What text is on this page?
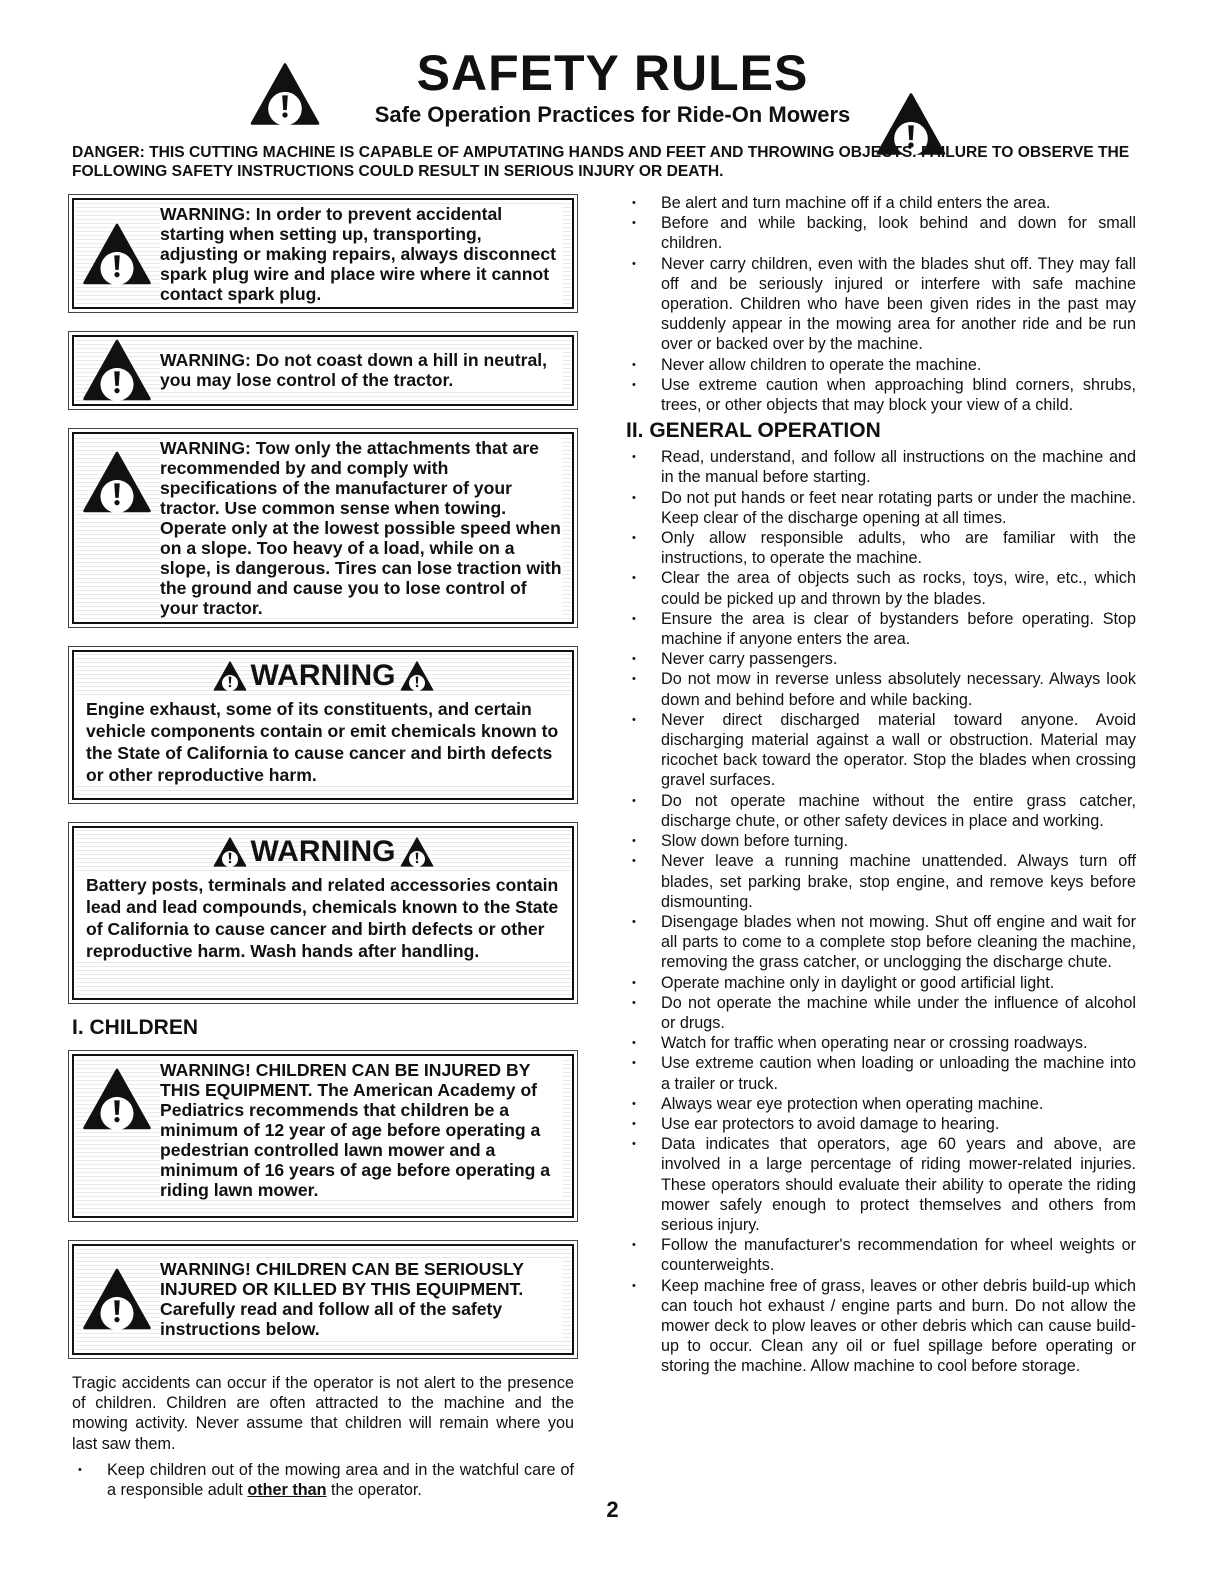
SAFETY RULES
Safe Operation Practices for Ride-On Mowers
DANGER: THIS CUTTING MACHINE IS CAPABLE OF AMPUTATING HANDS AND FEET AND THROWING OBJECTS. FAILURE TO OBSERVE THE FOLLOWING SAFETY INSTRUCTIONS COULD RESULT IN SERIOUS INJURY OR DEATH.
WARNING: In order to prevent accidental starting when setting up, transporting, adjusting or making repairs, always disconnect spark plug wire and place wire where it cannot contact spark plug.
WARNING: Do not coast down a hill in neutral, you may lose control of the tractor.
WARNING: Tow only the attachments that are recommended by and comply with specifications of the manufacturer of your tractor. Use common sense when towing. Operate only at the lowest possible speed when on a slope. Too heavy of a load, while on a slope, is dangerous. Tires can lose traction with the ground and cause you to lose control of your tractor.
WARNING
Engine exhaust, some of its constituents, and certain vehicle components contain or emit chemicals known to the State of California to cause cancer and birth defects or other reproductive harm.
WARNING
Battery posts, terminals and related accessories contain lead and lead compounds, chemicals known to the State of California to cause cancer and birth defects or other reproductive harm. Wash hands after handling.
I. CHILDREN
WARNING! CHILDREN CAN BE INJURED BY THIS EQUIPMENT. The American Academy of Pediatrics recommends that children be a minimum of 12 year of age before operating a pedestrian controlled lawn mower and a minimum of 16 years of age before operating a riding lawn mower.
WARNING! CHILDREN CAN BE SERIOUSLY INJURED OR KILLED BY THIS EQUIPMENT. Carefully read and follow all of the safety instructions below.
Tragic accidents can occur if the operator is not alert to the presence of children. Children are often attracted to the machine and the mowing activity. Never assume that children will remain where you last saw them.
• Keep children out of the mowing area and in the watchful care of a responsible adult other than the operator.
• Be alert and turn machine off if a child enters the area.
• Before and while backing, look behind and down for small children.
• Never carry children, even with the blades shut off. They may fall off and be seriously injured or interfere with safe machine operation. Children who have been given rides in the past may suddenly appear in the mowing area for another ride and be run over or backed over by the machine.
• Never allow children to operate the machine.
• Use extreme caution when approaching blind corners, shrubs, trees, or other objects that may block your view of a child.
II. GENERAL OPERATION
• Read, understand, and follow all instructions on the machine and in the manual before starting.
• Do not put hands or feet near rotating parts or under the machine. Keep clear of the discharge opening at all times.
• Only allow responsible adults, who are familiar with the instructions, to operate the machine.
• Clear the area of objects such as rocks, toys, wire, etc., which could be picked up and thrown by the blades.
• Ensure the area is clear of bystanders before operating. Stop machine if anyone enters the area.
• Never carry passengers.
• Do not mow in reverse unless absolutely necessary. Always look down and behind before and while backing.
• Never direct discharged material toward anyone. Avoid discharging material against a wall or obstruction. Material may ricochet back toward the operator. Stop the blades when crossing gravel surfaces.
• Do not operate machine without the entire grass catcher, discharge chute, or other safety devices in place and working.
• Slow down before turning.
• Never leave a running machine unattended. Always turn off blades, set parking brake, stop engine, and remove keys before dismounting.
• Disengage blades when not mowing. Shut off engine and wait for all parts to come to a complete stop before cleaning the machine, removing the grass catcher, or unclogging the discharge chute.
• Operate machine only in daylight or good artificial light.
• Do not operate the machine while under the influence of alcohol or drugs.
• Watch for traffic when operating near or crossing roadways.
• Use extreme caution when loading or unloading the machine into a trailer or truck.
• Always wear eye protection when operating machine.
• Use ear protectors to avoid damage to hearing.
• Data indicates that operators, age 60 years and above, are involved in a large percentage of riding mower-related injuries. These operators should evaluate their ability to operate the riding mower safely enough to protect themselves and others from serious injury.
• Follow the manufacturer's recommendation for wheel weights or counterweights.
• Keep machine free of grass, leaves or other debris build-up which can touch hot exhaust / engine parts and burn. Do not allow the mower deck to plow leaves or other debris which can cause build-up to occur. Clean any oil or fuel spillage before operating or storing the machine. Allow machine to cool before storage.
2
